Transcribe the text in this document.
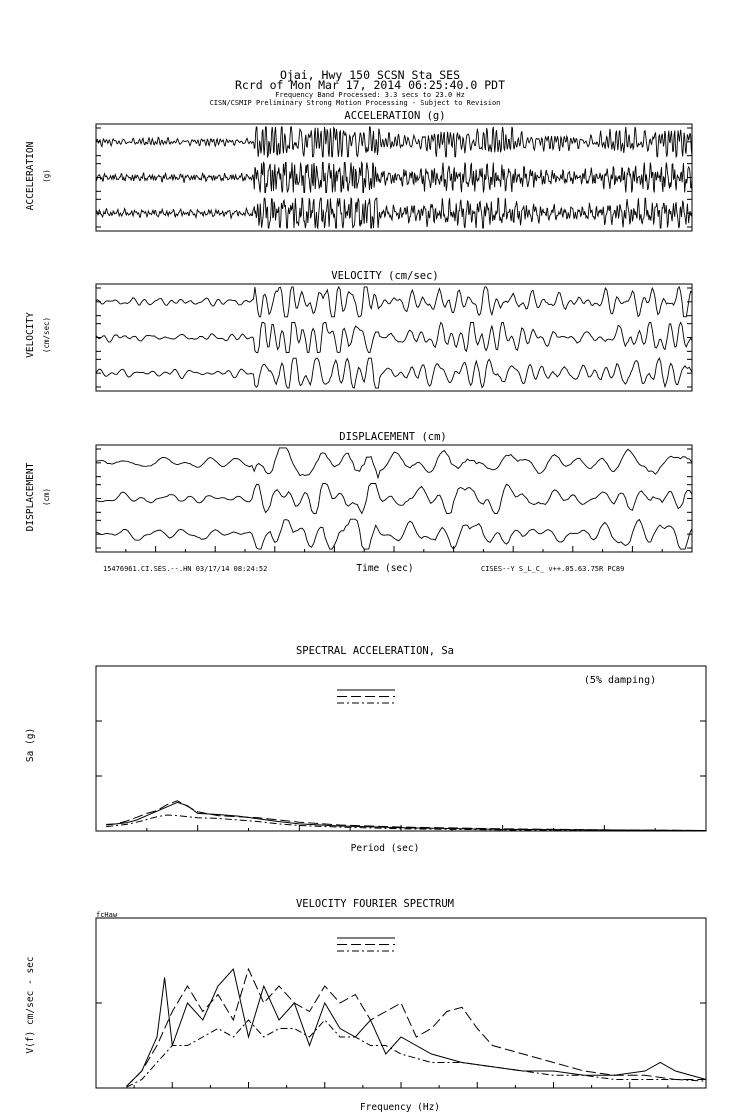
Ojai, Hwy 150 SCSN Sta SES
Rcrd of Mon Mar 17, 2014 06:25:40.0 PDT
Frequency Band Processed: 3.3 secs to 23.0 Hz
CISN/CSMIP Preliminary Strong Motion Processing - Subject to Revision
ACCELERATION (g)
ACCELERATION (g)
VELOCITY (cm/sec)
VELOCITY (cm/sec)
DISPLACEMENT (cm)
DISPLACEMENT (cm)
Time (sec)
15476961.CI.SES.--.HN 03/17/14 08:24:52	CISES--Y S_L_C_ v++.05.63.75R PC89
SPECTRAL ACCELERATION, Sa
Sa (g)
Period (sec)
(5% damping)
VELOCITY FOURIER SPECTRUM
V(f) cm/sec - sec
Frequency (Hz)
fcHaw
